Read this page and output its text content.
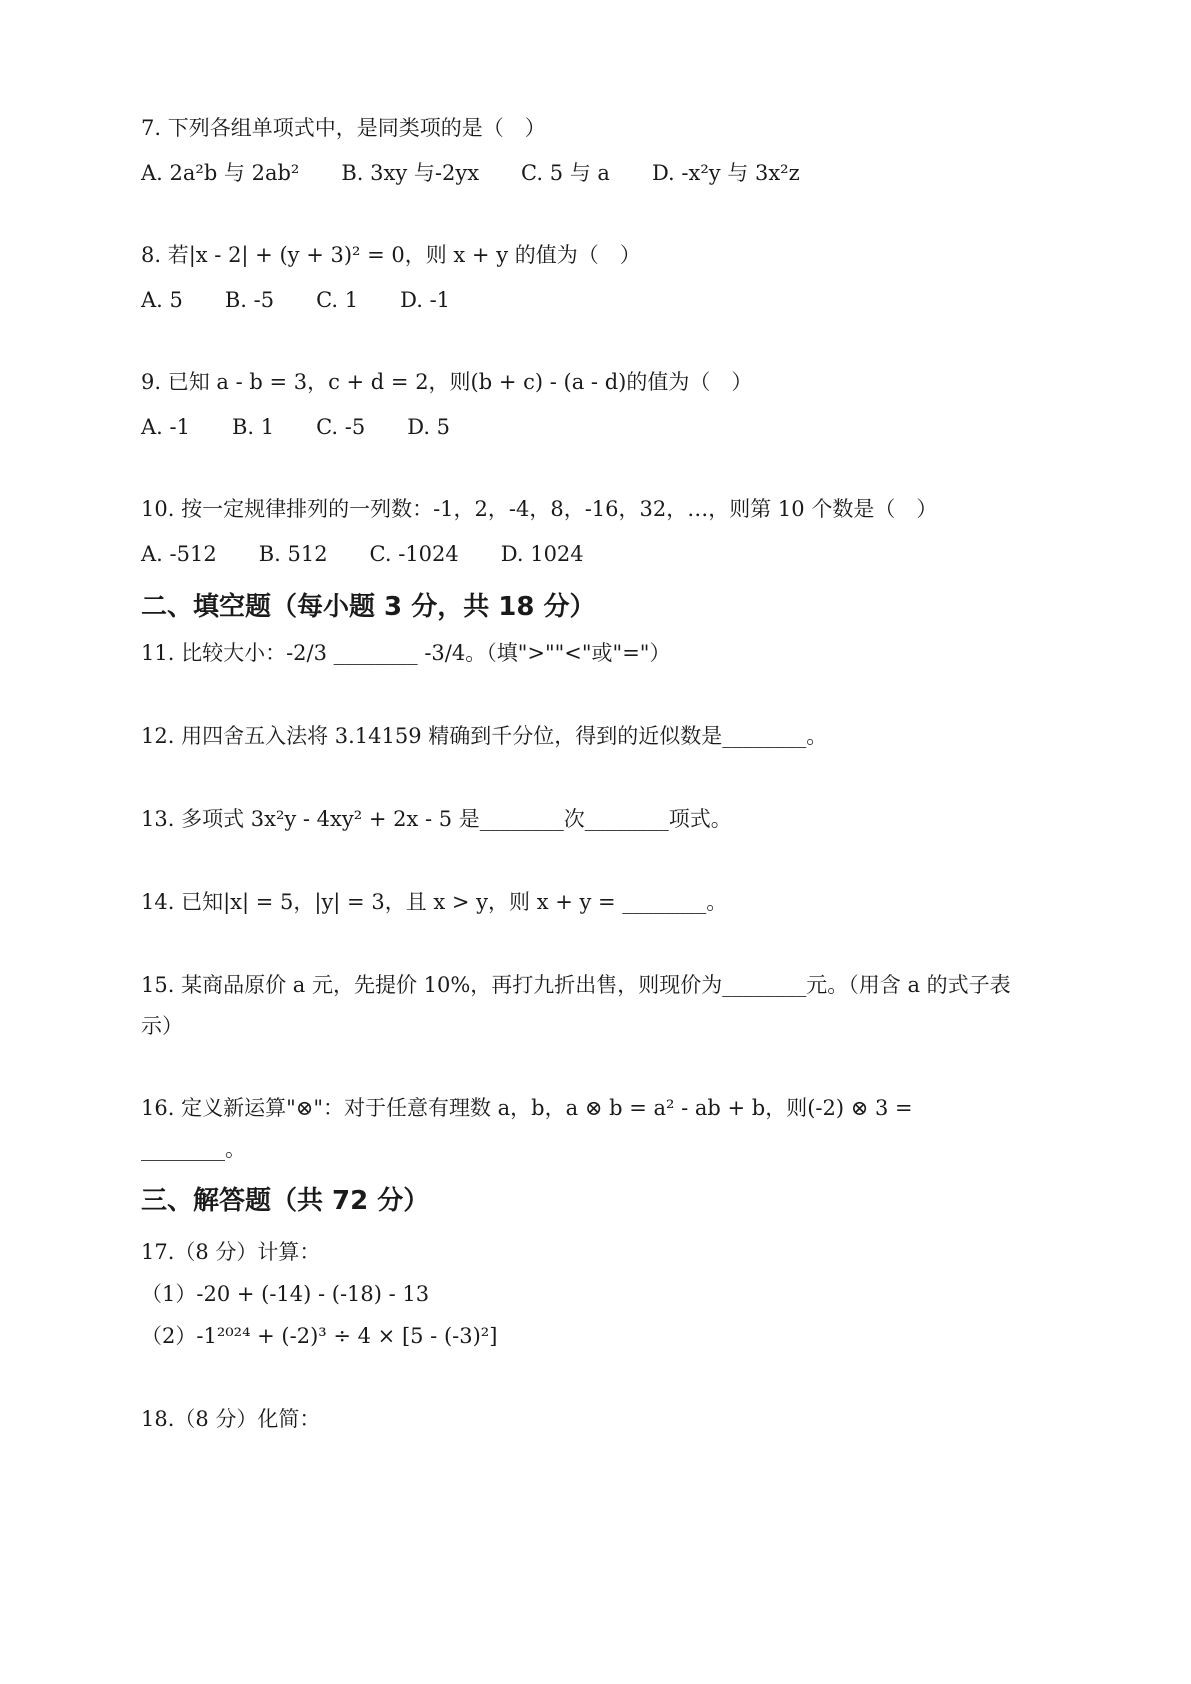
7. 下列各组单项式中，是同类项的是（　）
A. 2a²b 与 2ab²　　B. 3xy 与-2yx　　C. 5 与 a　　D. -x²y 与 3x²z
8. 若|x - 2| + (y + 3)² = 0，则 x + y 的值为（　）
A. 5　　B. -5　　C. 1　　D. -1
9. 已知 a - b = 3，c + d = 2，则(b + c) - (a - d)的值为（　）
A. -1　　B. 1　　C. -5　　D. 5
10. 按一定规律排列的一列数：-1，2，-4，8，-16，32，…，则第 10 个数是（　）
A. -512　　B. 512　　C. -1024　　D. 1024
二、填空题（每小题 3 分，共 18 分）
11. 比较大小：-2/3 ________ -3/4。（填">""<"或"="）
12. 用四舍五入法将 3.14159 精确到千分位，得到的近似数是________。
13. 多项式 3x²y - 4xy² + 2x - 5 是________次________项式。
14. 已知|x| = 5，|y| = 3，且 x > y，则 x + y = ________。
15. 某商品原价 a 元，先提价 10%，再打九折出售，则现价为________元。（用含 a 的式子表
示）
16. 定义新运算"⊗"：对于任意有理数 a，b，a ⊗ b = a² - ab + b，则(-2) ⊗ 3 =
________。
三、解答题（共 72 分）
17.（8 分）计算：
（1）-20 + (-14) - (-18) - 13
（2）-1²⁰²⁴ + (-2)³ ÷ 4 × [5 - (-3)²]
18.（8 分）化简：
